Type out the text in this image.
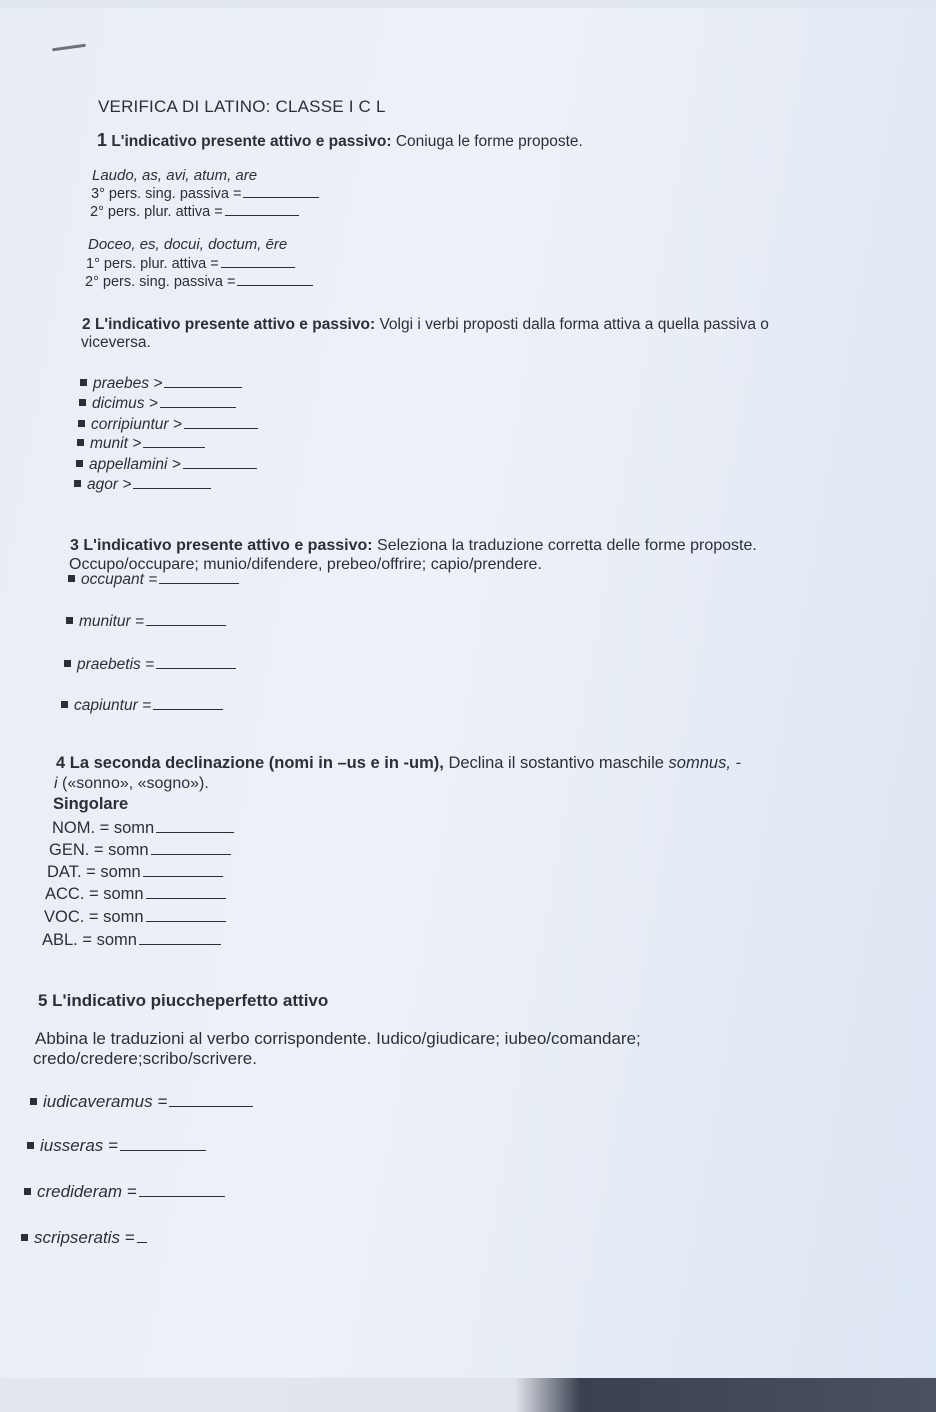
VERIFICA DI LATINO: CLASSE I C L
1 L'indicativo presente attivo e passivo: Coniuga le forme proposte.
Laudo, as, avi, atum, are
3° pers. sing. passiva =
2° pers. plur. attiva =
Doceo, es, docui, doctum, ēre
1° pers. plur. attiva =
2° pers. sing. passiva =
2 L'indicativo presente attivo e passivo: Volgi i verbi proposti dalla forma attiva a quella passiva o
viceversa.
praebes >
dicimus >
corripiuntur >
munit >
appellamini >
agor >
3 L'indicativo presente attivo e passivo: Seleziona la traduzione corretta delle forme proposte.
Occupo/occupare; munio/difendere, prebeo/offrire; capio/prendere.
occupant =
munitur =
praebetis =
capiuntur =
4 La seconda declinazione (nomi in –us e in -um), Declina il sostantivo maschile somnus, -
i («sonno», «sogno»).
Singolare
NOM. = somn
GEN. = somn
DAT. = somn
ACC. = somn
VOC. = somn
ABL. = somn
5 L'indicativo piuccheperfetto attivo
Abbina le traduzioni al verbo corrispondente. Iudico/giudicare; iubeo/comandare;
credo/credere;scribo/scrivere.
iudicaveramus =
iusseras =
credideram =
scripseratis =
